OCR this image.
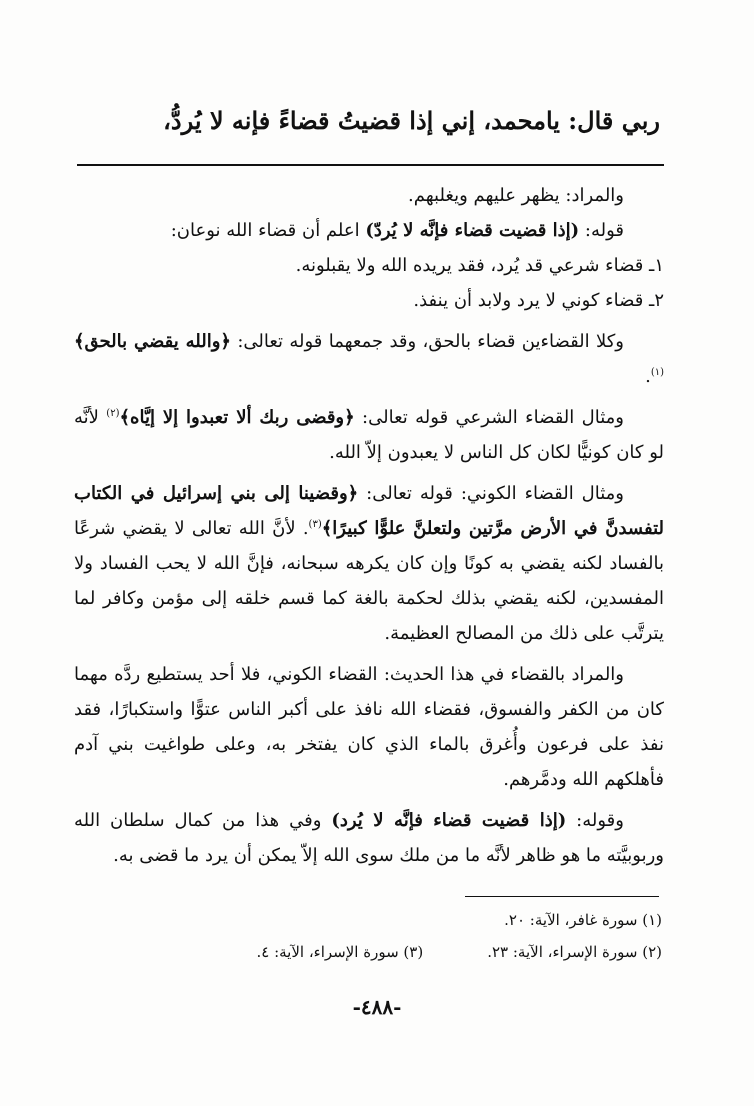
ربي قال: يامحمد، إني إذا قضيتُ قضاءً فإنه لا يُردُّ،

والمراد: يظهر عليهم ويغلبهم.

قوله: (إذا قضيت قضاء فإنَّه لا يُردّ) اعلم أن قضاء الله نوعان:

١ـ قضاء شرعي قد يُرد، فقد يريده الله ولا يقبلونه.
٢ـ قضاء كوني لا يرد ولابد أن ينفذ.

وكلا القضاءين قضاء بالحق، وقد جمعهما قوله تعالى: ﴿والله يقضي بالحق﴾$^{(١)}$.

ومثال القضاء الشرعي قوله تعالى: ﴿وقضى ربك ألا تعبدوا إلا إيَّاه﴾$^{(٢)}$ لأنَّه لو كان كونيًّا لكان كل الناس لا يعبدون إلاّ الله.

ومثال القضاء الكوني: قوله تعالى: ﴿وقضينا إلى بني إسرائيل في الكتاب لتفسدنَّ في الأرض مرَّتين ولتعلنَّ علوًّا كبيرًا﴾$^{(٣)}$. لأنَّ الله تعالى لا يقضي شرعًا بالفساد لكنه يقضي به كونًا وإن كان يكرهه سبحانه، فإنَّ الله لا يحب الفساد ولا المفسدين، لكنه يقضي بذلك لحكمة بالغة كما قسم خلقه إلى مؤمن وكافر لما يترتَّب على ذلك من المصالح العظيمة.

والمراد بالقضاء في هذا الحديث: القضاء الكوني، فلا أحد يستطيع ردَّه مهما كان من الكفر والفسوق، فقضاء الله نافذ على أكبر الناس عتوًّا واستكبارًا، فقد نفذ على فرعون وأُغرق بالماء الذي كان يفتخر به، وعلى طواغيت بني آدم فأهلكهم الله ودمَّرهم.

وقوله: (إذا قضيت قضاء فإنَّه لا يُرد) وفي هذا من كمال سلطان الله وربوبيَّته ما هو ظاهر لأنَّه ما من ملك سوى الله إلاّ يمكن أن يرد ما قضى به.

(١) سورة غافر، الآية: ٢٠.
(٢) سورة الإسراء، الآية: ٢٣.(٣) سورة الإسراء، الآية: ٤.
-٤٨٨-
